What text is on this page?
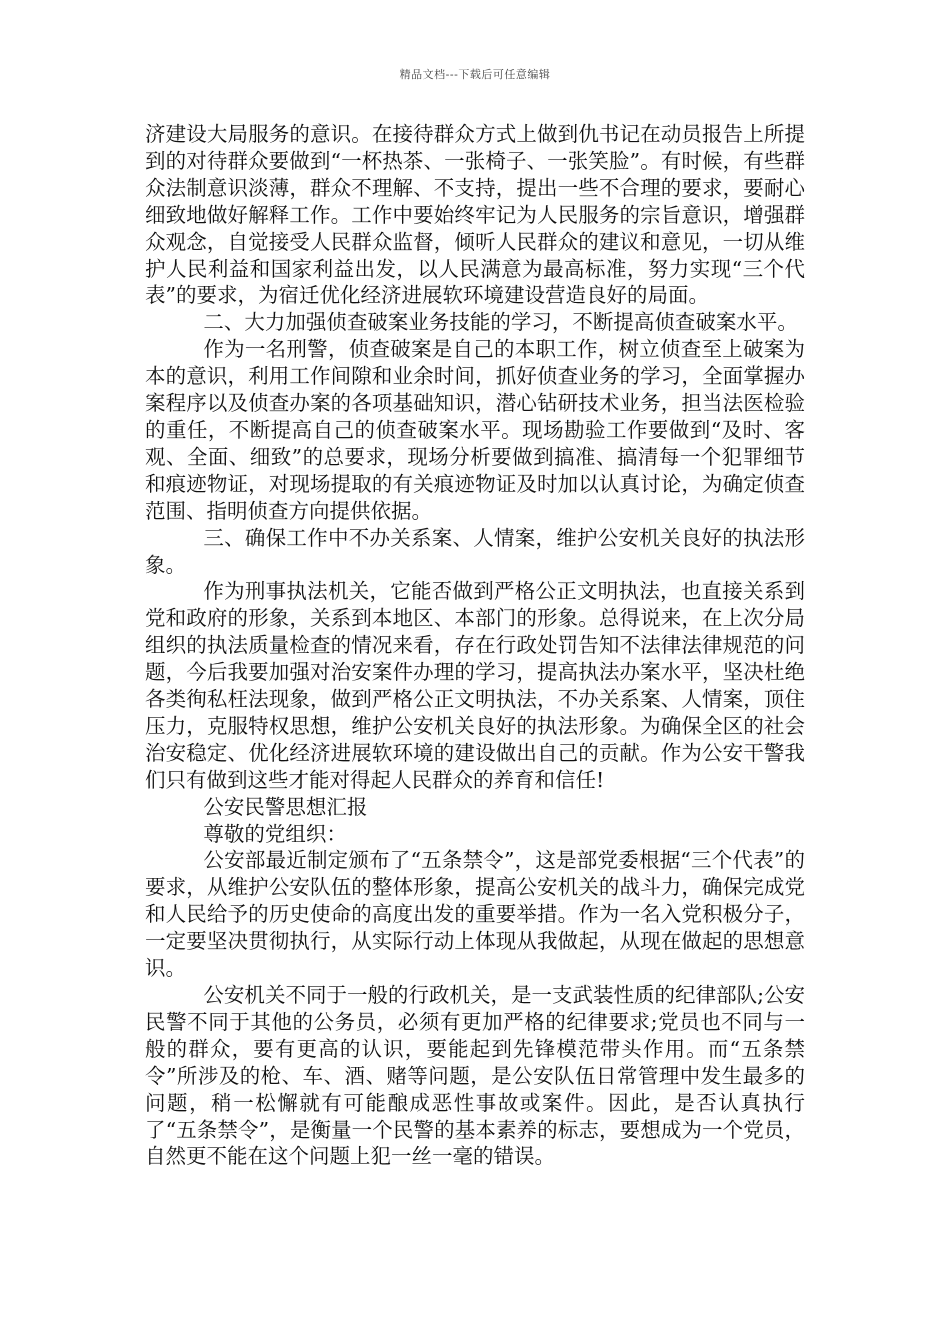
精品文档---下载后可任意编辑

济建设大局服务的意识。在接待群众方式上做到仇书记在动员报告上所提到的对待群众要做到“一杯热茶、一张椅子、一张笑脸”。有时候，有些群众法制意识淡薄，群众不理解、不支持，提出一些不合理的要求，要耐心细致地做好解释工作。工作中要始终牢记为人民服务的宗旨意识，增强群众观念，自觉接受人民群众监督，倾听人民群众的建议和意见，一切从维护人民利益和国家利益出发，以人民满意为最高标准，努力实现“三个代表”的要求，为宿迁优化经济进展软环境建设营造良好的局面。

二、大力加强侦查破案业务技能的学习，不断提高侦查破案水平。

作为一名刑警，侦查破案是自己的本职工作，树立侦查至上破案为本的意识，利用工作间隙和业余时间，抓好侦查业务的学习，全面掌握办案程序以及侦查办案的各项基础知识，潜心钻研技术业务，担当法医检验的重任，不断提高自己的侦查破案水平。现场勘验工作要做到“及时、客观、全面、细致”的总要求，现场分析要做到搞准、搞清每一个犯罪细节和痕迹物证，对现场提取的有关痕迹物证及时加以认真讨论，为确定侦查范围、指明侦查方向提供依据。

三、确保工作中不办关系案、人情案，维护公安机关良好的执法形象。

作为刑事执法机关，它能否做到严格公正文明执法，也直接关系到党和政府的形象，关系到本地区、本部门的形象。总得说来，在上次分局组织的执法质量检查的情况来看，存在行政处罚告知不法律法律规范的问题，今后我要加强对治安案件办理的学习，提高执法办案水平，坚决杜绝各类徇私枉法现象，做到严格公正文明执法，不办关系案、人情案，顶住压力，克服特权思想，维护公安机关良好的执法形象。为确保全区的社会治安稳定、优化经济进展软环境的建设做出自己的贡献。作为公安干警我们只有做到这些才能对得起人民群众的养育和信任!

公安民警思想汇报

尊敬的党组织：

公安部最近制定颁布了“五条禁令”，这是部党委根据“三个代表”的要求，从维护公安队伍的整体形象，提高公安机关的战斗力，确保完成党和人民给予的历史使命的高度出发的重要举措。作为一名入党积极分子，一定要坚决贯彻执行，从实际行动上体现从我做起，从现在做起的思想意识。

公安机关不同于一般的行政机关，是一支武装性质的纪律部队;公安民警不同于其他的公务员，必须有更加严格的纪律要求;党员也不同与一般的群众，要有更高的认识，要能起到先锋模范带头作用。而“五条禁令”所涉及的枪、车、酒、赌等问题，是公安队伍日常管理中发生最多的问题，稍一松懈就有可能酿成恶性事故或案件。因此，是否认真执行了“五条禁令”，是衡量一个民警的基本素养的标志，要想成为一个党员，自然更不能在这个问题上犯一丝一毫的错误。
